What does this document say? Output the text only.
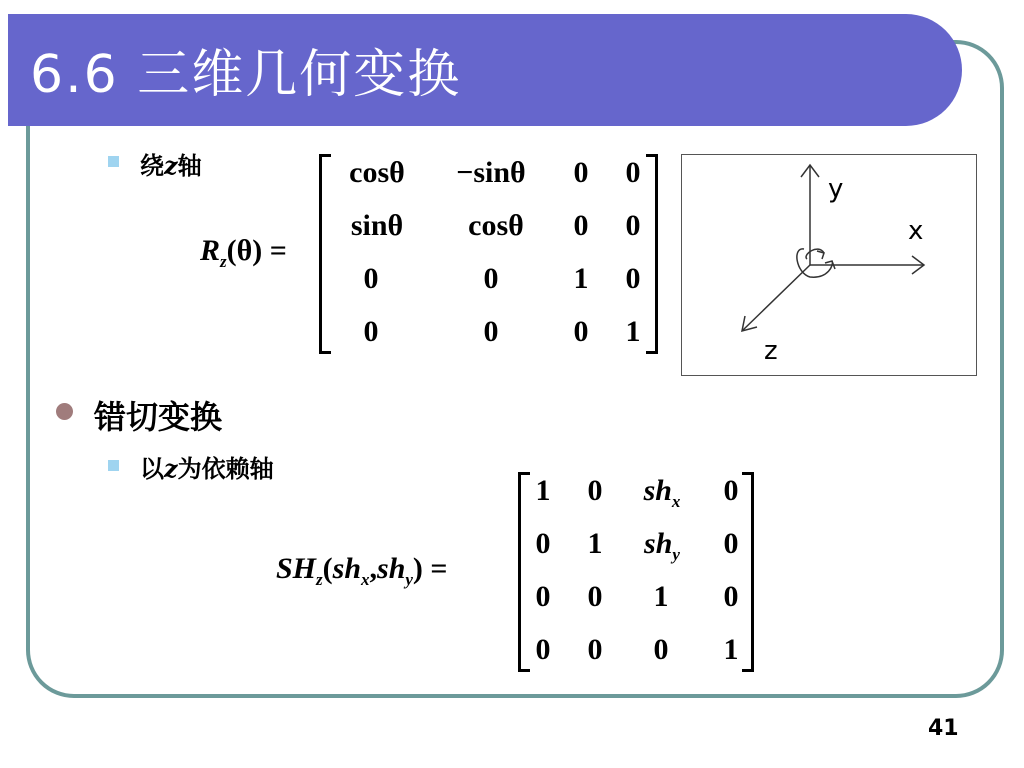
6.6 三维几何变换
绕z轴
$R_z(\theta)$ =
cosθ	−sinθ	0 0
sinθ	cosθ	0 0
0	0	1 0
0	0	0 1
y
x
z
错切变换
以z为依赖轴
$SH_z(sh_x,sh_y)$ =
1 0	$sh_x$	0
0 1	$sh_y$	0
0 0 1 0
0 0 0 1
41
